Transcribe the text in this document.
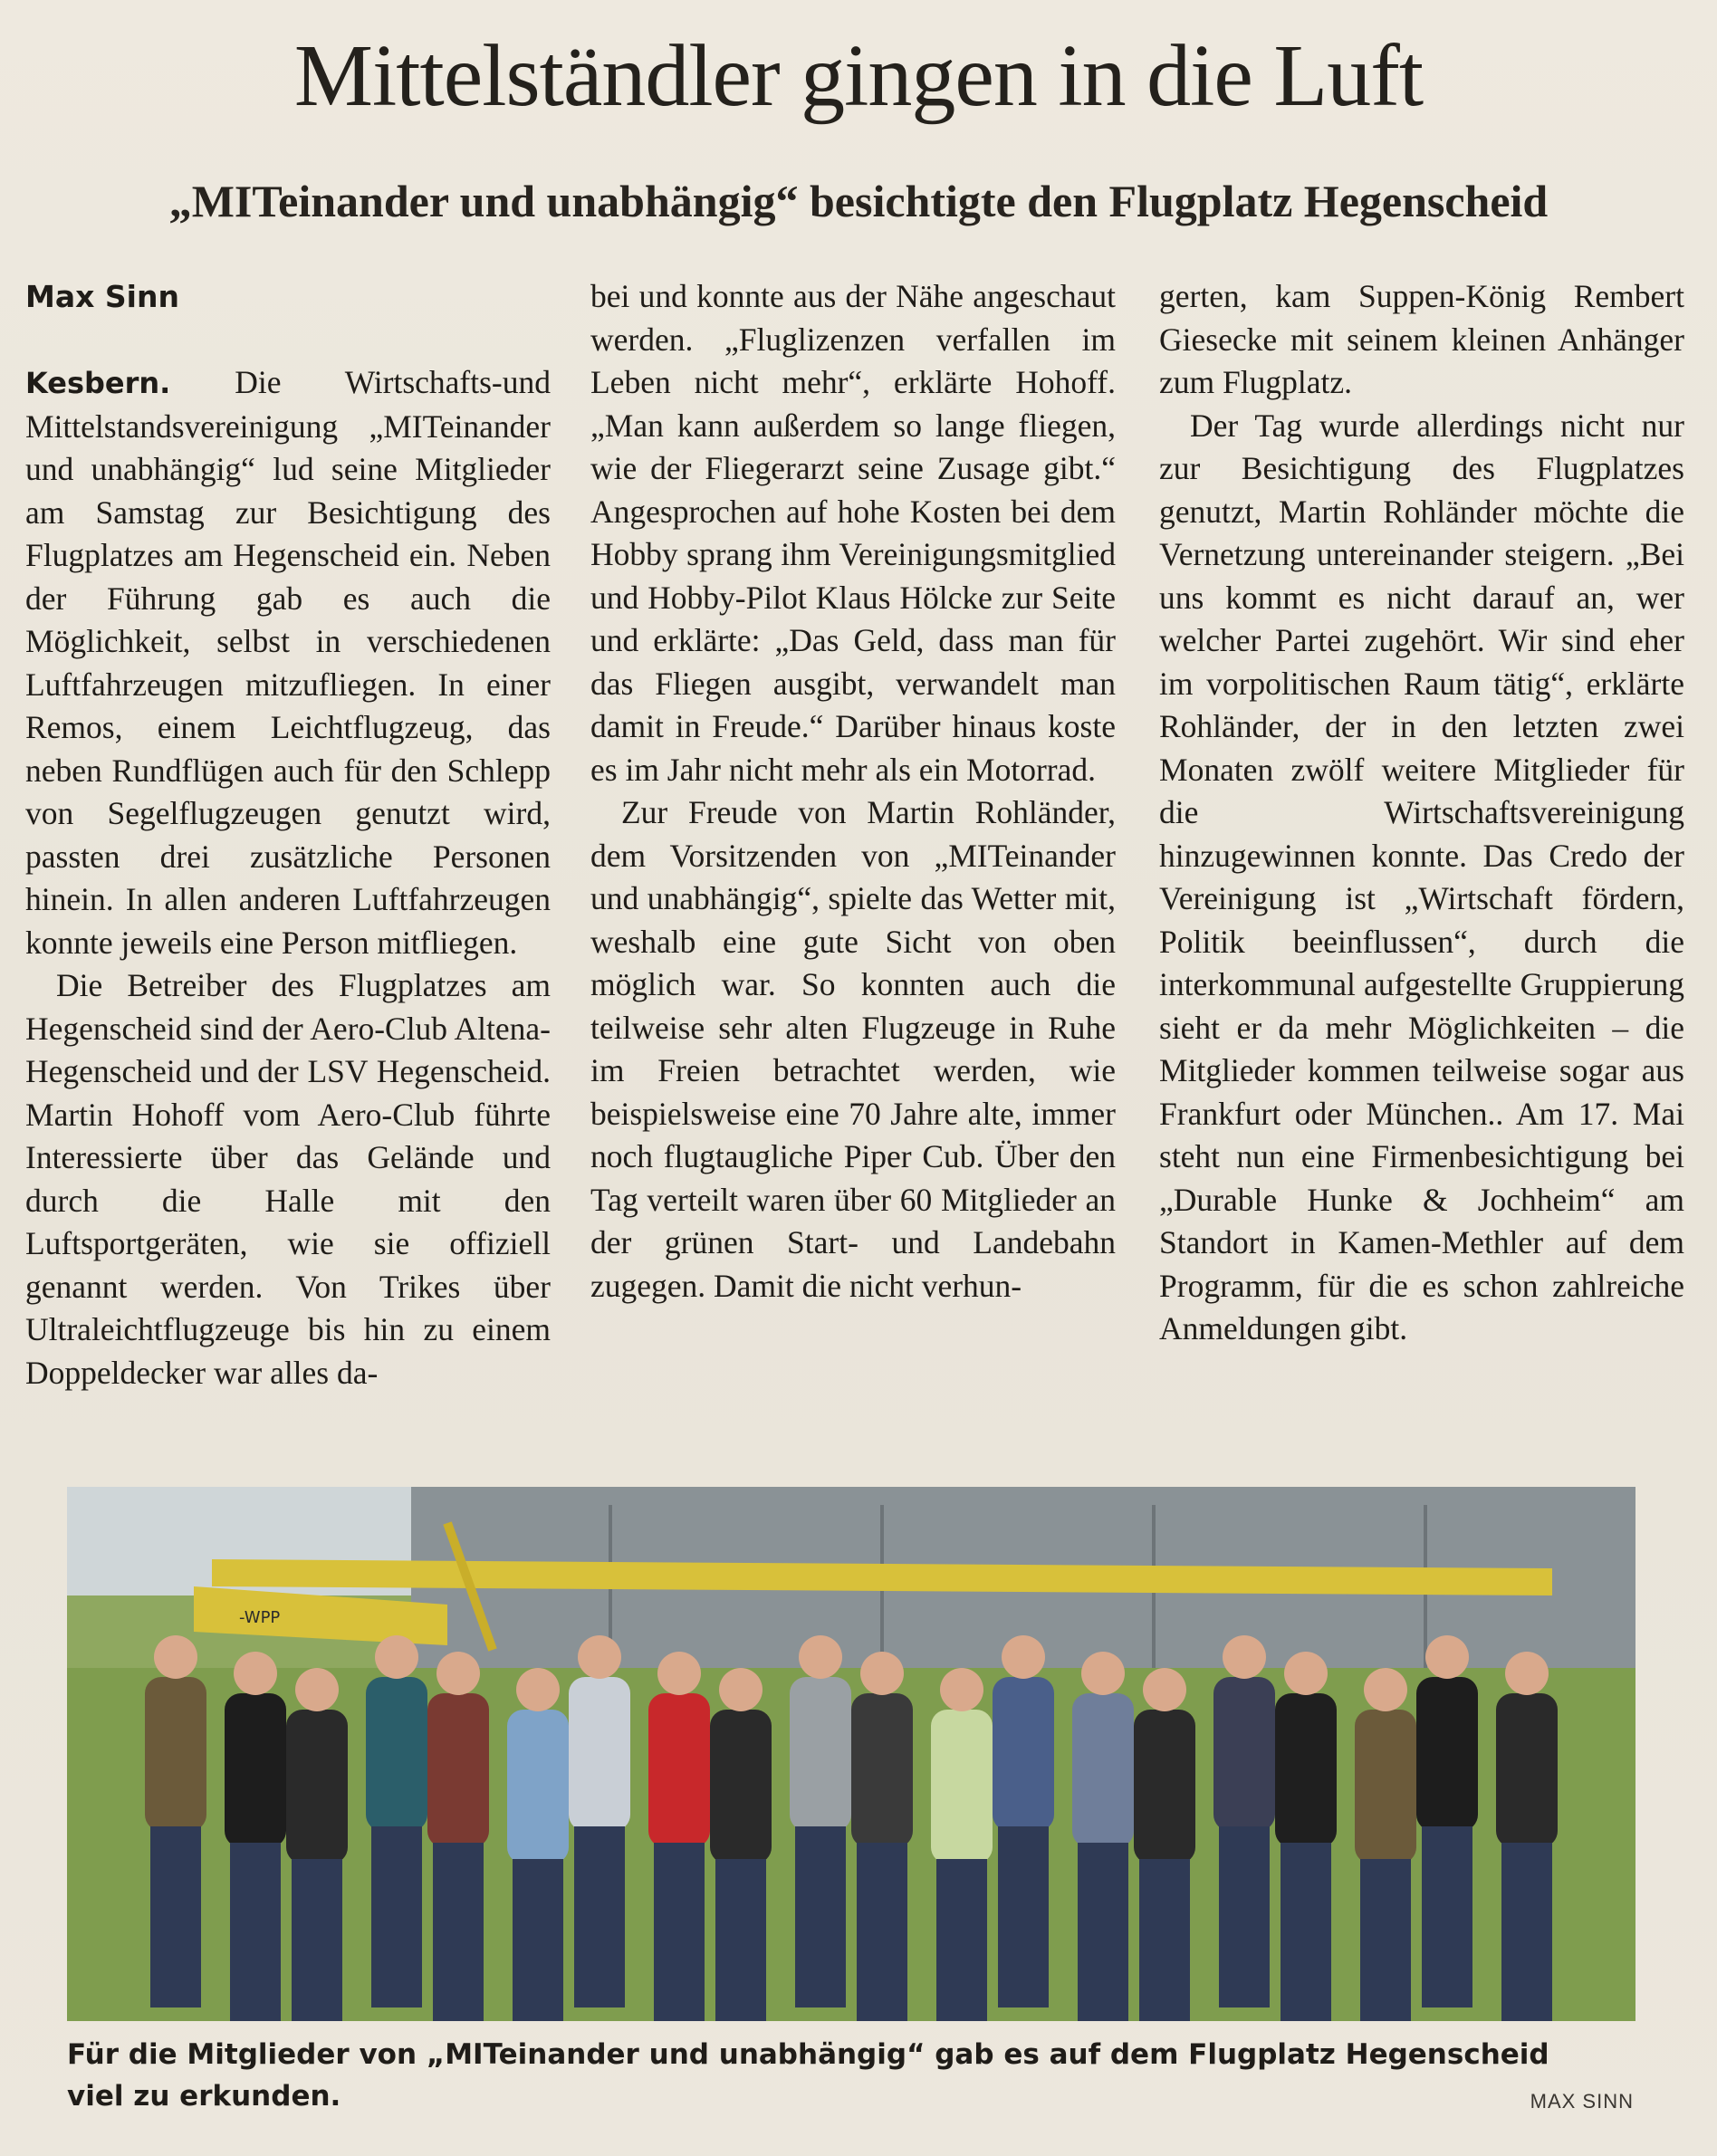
Mittelständler gingen in die Luft
„MITeinander und unabhängig“ besichtigte den Flugplatz Hegenscheid

Max Sinn

Kesbern. Die Wirtschafts-und Mittelstandsvereinigung „MITeinander und unabhängig“ lud seine Mitglieder am Samstag zur Besichtigung des Flugplatzes am Hegenscheid ein. Neben der Führung gab es auch die Möglichkeit, selbst in verschiedenen Luftfahrzeugen mitzufliegen. In einer Remos, einem Leichtflugzeug, das neben Rundflügen auch für den Schlepp von Segelflugzeugen genutzt wird, passten drei zusätzliche Personen hinein. In allen anderen Luftfahrzeugen konnte jeweils eine Person mitfliegen.

Die Betreiber des Flugplatzes am Hegenscheid sind der Aero-Club Altena-Hegenscheid und der LSV Hegenscheid. Martin Hohoff vom Aero-Club führte Interessierte über das Gelände und durch die Halle mit den Luftsportgeräten, wie sie offiziell genannt werden. Von Trikes über Ultraleichtflugzeuge bis hin zu einem Doppeldecker war alles da-

bei und konnte aus der Nähe angeschaut werden. „Fluglizenzen verfallen im Leben nicht mehr“, erklärte Hohoff. „Man kann außerdem so lange fliegen, wie der Fliegerarzt seine Zusage gibt.“ Angesprochen auf hohe Kosten bei dem Hobby sprang ihm Vereinigungsmitglied und Hobby-Pilot Klaus Hölcke zur Seite und erklärte: „Das Geld, dass man für das Fliegen ausgibt, verwandelt man damit in Freude.“ Darüber hinaus koste es im Jahr nicht mehr als ein Motorrad.

Zur Freude von Martin Rohländer, dem Vorsitzenden von „MITeinander und unabhängig“, spielte das Wetter mit, weshalb eine gute Sicht von oben möglich war. So konnten auch die teilweise sehr alten Flugzeuge in Ruhe im Freien betrachtet werden, wie beispielsweise eine 70 Jahre alte, immer noch flugtaugliche Piper Cub. Über den Tag verteilt waren über 60 Mitglieder an der grünen Start- und Landebahn zugegen. Damit die nicht verhun-

gerten, kam Suppen-König Rembert Giesecke mit seinem kleinen Anhänger zum Flugplatz.

Der Tag wurde allerdings nicht nur zur Besichtigung des Flugplatzes genutzt, Martin Rohländer möchte die Vernetzung untereinander steigern. „Bei uns kommt es nicht darauf an, wer welcher Partei zugehört. Wir sind eher im vorpolitischen Raum tätig“, erklärte Rohländer, der in den letzten zwei Monaten zwölf weitere Mitglieder für die Wirtschaftsvereinigung hinzugewinnen konnte. Das Credo der Vereinigung ist „Wirtschaft fördern, Politik beeinflussen“, durch die interkommunal aufgestellte Gruppierung sieht er da mehr Möglichkeiten – die Mitglieder kommen teilweise sogar aus Frankfurt oder München.. Am 17. Mai steht nun eine Firmenbesichtigung bei „Durable Hunke & Jochheim“ am Standort in Kamen-Methler auf dem Programm, für die es schon zahlreiche Anmeldungen gibt.

-WPP

Für die Mitglieder von „MITeinander und unabhängig“ gab es auf dem Flugplatz Hegenscheid viel zu erkunden.	MAX SINN
